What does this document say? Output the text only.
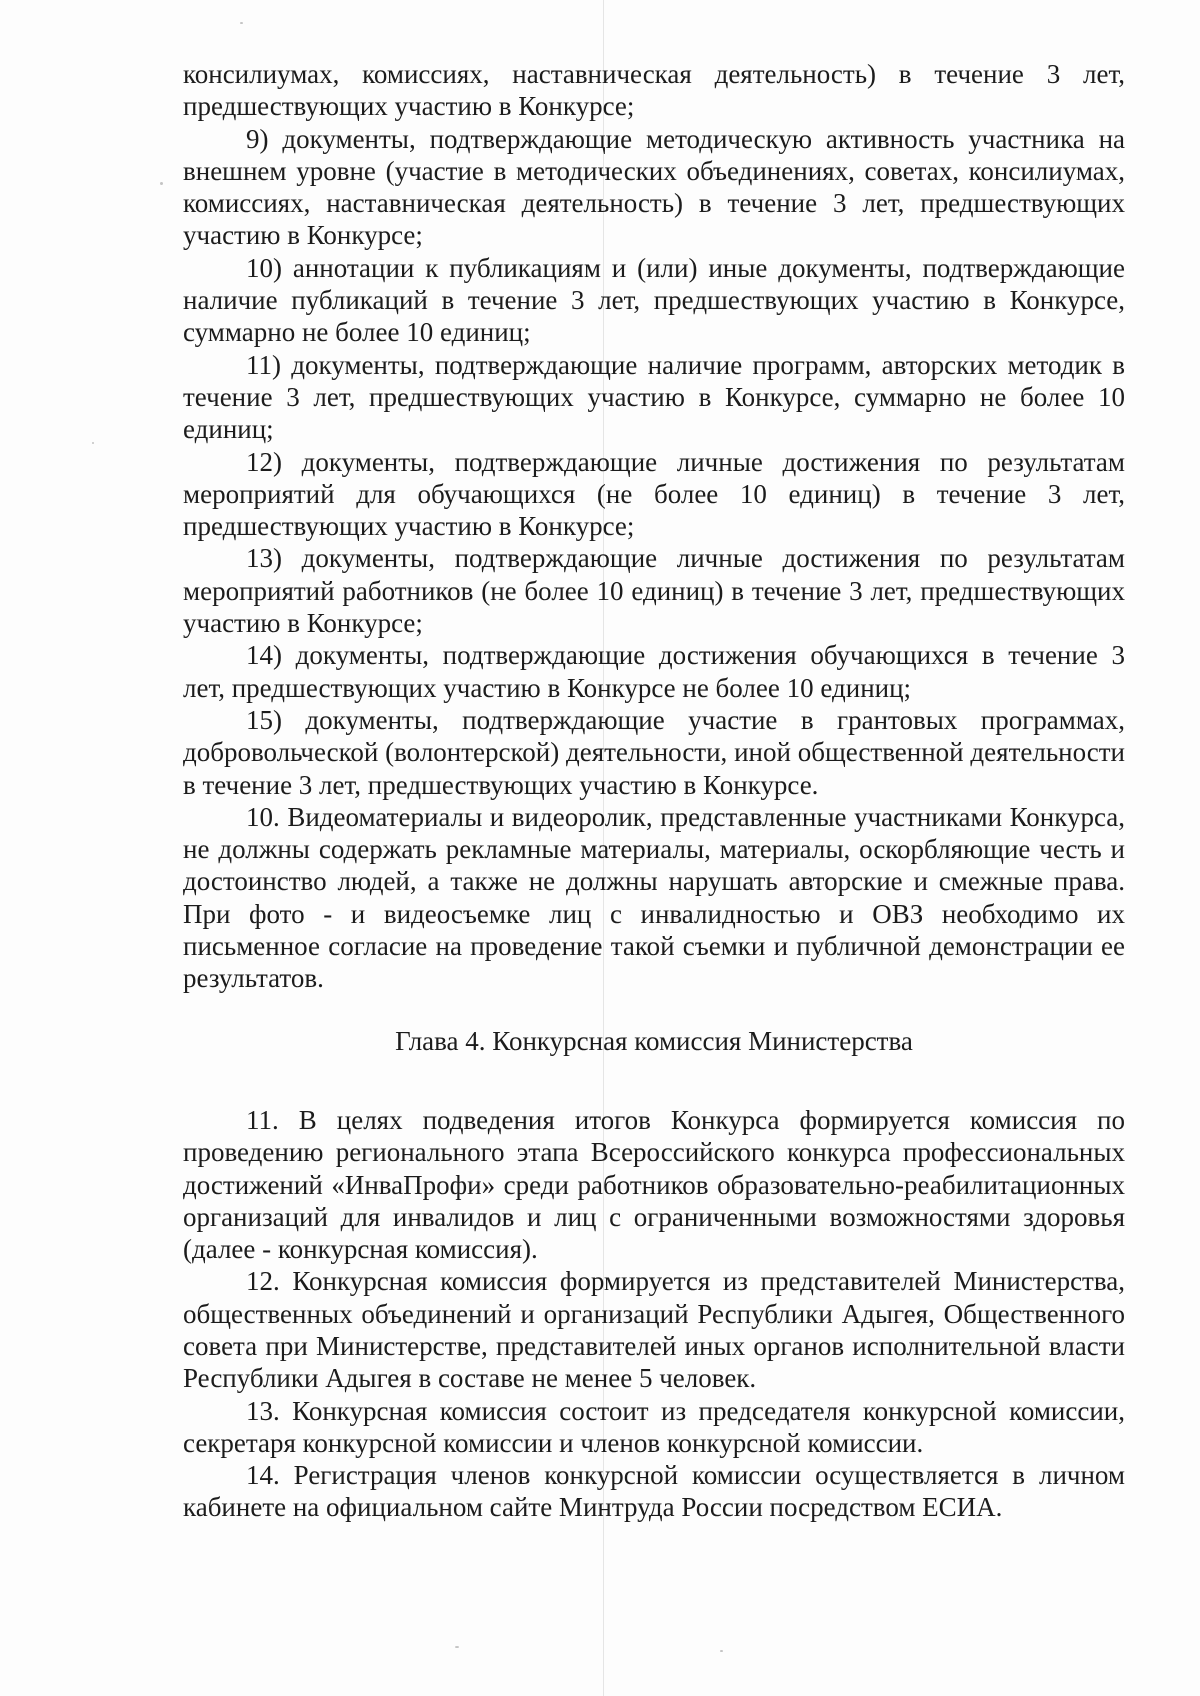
консилиумах, комиссиях, наставническая деятельность) в течение 3 лет, предшествующих участию в Конкурсе;

9) документы, подтверждающие методическую активность участника на внешнем уровне (участие в методических объединениях, советах, консилиумах, комиссиях, наставническая деятельность) в течение 3 лет, предшествующих участию в Конкурсе;

10) аннотации к публикациям и (или) иные документы, подтверждающие наличие публикаций в течение 3 лет, предшествующих участию в Конкурсе, суммарно не более 10 единиц;

11) документы, подтверждающие наличие программ, авторских методик в течение 3 лет, предшествующих участию в Конкурсе, суммарно не более 10 единиц;

12) документы, подтверждающие личные достижения по результатам мероприятий для обучающихся (не более 10 единиц) в течение 3 лет, предшествующих участию в Конкурсе;

13) документы, подтверждающие личные достижения по результатам мероприятий работников (не более 10 единиц) в течение 3 лет, предшествующих участию в Конкурсе;

14) документы, подтверждающие достижения обучающихся в течение 3 лет, предшествующих участию в Конкурсе не более 10 единиц;

15) документы, подтверждающие участие в грантовых программах, добровольческой (волонтерской) деятельности, иной общественной деятельности в течение 3 лет, предшествующих участию в Конкурсе.

10. Видеоматериалы и видеоролик, представленные участниками Конкурса, не должны содержать рекламные материалы, материалы, оскорбляющие честь и достоинство людей, а также не должны нарушать авторские и смежные права. При фото - и видеосъемке лиц с инвалидностью и ОВЗ необходимо их письменное согласие на проведение такой съемки и публичной демонстрации ее результатов.

Глава 4. Конкурсная комиссия Министерства

11. В целях подведения итогов Конкурса формируется комиссия по проведению регионального этапа Всероссийского конкурса профессиональных достижений «ИнваПрофи» среди работников образовательно-реабилитационных организаций для инвалидов и лиц с ограниченными возможностями здоровья (далее - конкурсная комиссия).

12. Конкурсная комиссия формируется из представителей Министерства, общественных объединений и организаций Республики Адыгея, Общественного совета при Министерстве, представителей иных органов исполнительной власти Республики Адыгея в составе не менее 5 человек.

13. Конкурсная комиссия состоит из председателя конкурсной комиссии, секретаря конкурсной комиссии и членов конкурсной комиссии.

14. Регистрация членов конкурсной комиссии осуществляется в личном кабинете на официальном сайте Минтруда России посредством ЕСИА.
